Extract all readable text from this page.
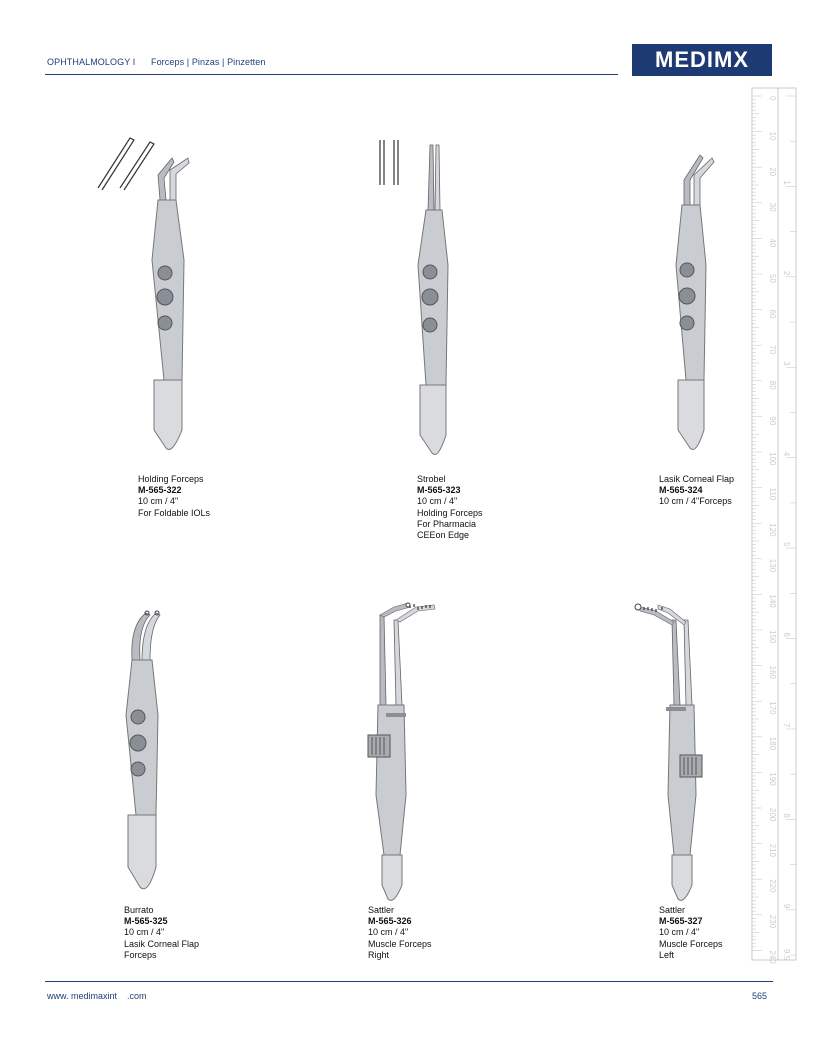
OPHTHALMOLOGY I Forceps | Pinzas | Pinzetten	MEDIMX
0
10
20
30
40
50
60
70
80
90
100
110
120
130
140
150
160
170
180
190
200
210
220
230
240
1
2
3
4
5
6
7
8
9
9.5
Holding Forceps
M-565-322
10 cm / 4"
For Foldable IOLs
Strobel
M-565-323
10 cm / 4"
Holding Forceps
For Pharmacia
CEEon Edge
Lasik Corneal Flap
M-565-324
10 cm / 4"Forceps
Burrato
M-565-325
10 cm / 4"
Lasik Corneal Flap
Forceps
Sattler
M-565-326
10 cm / 4"
Muscle Forceps
Right
Sattler
M-565-327
10 cm / 4"
Muscle Forceps
Left
www. medimaxint    .com	565
